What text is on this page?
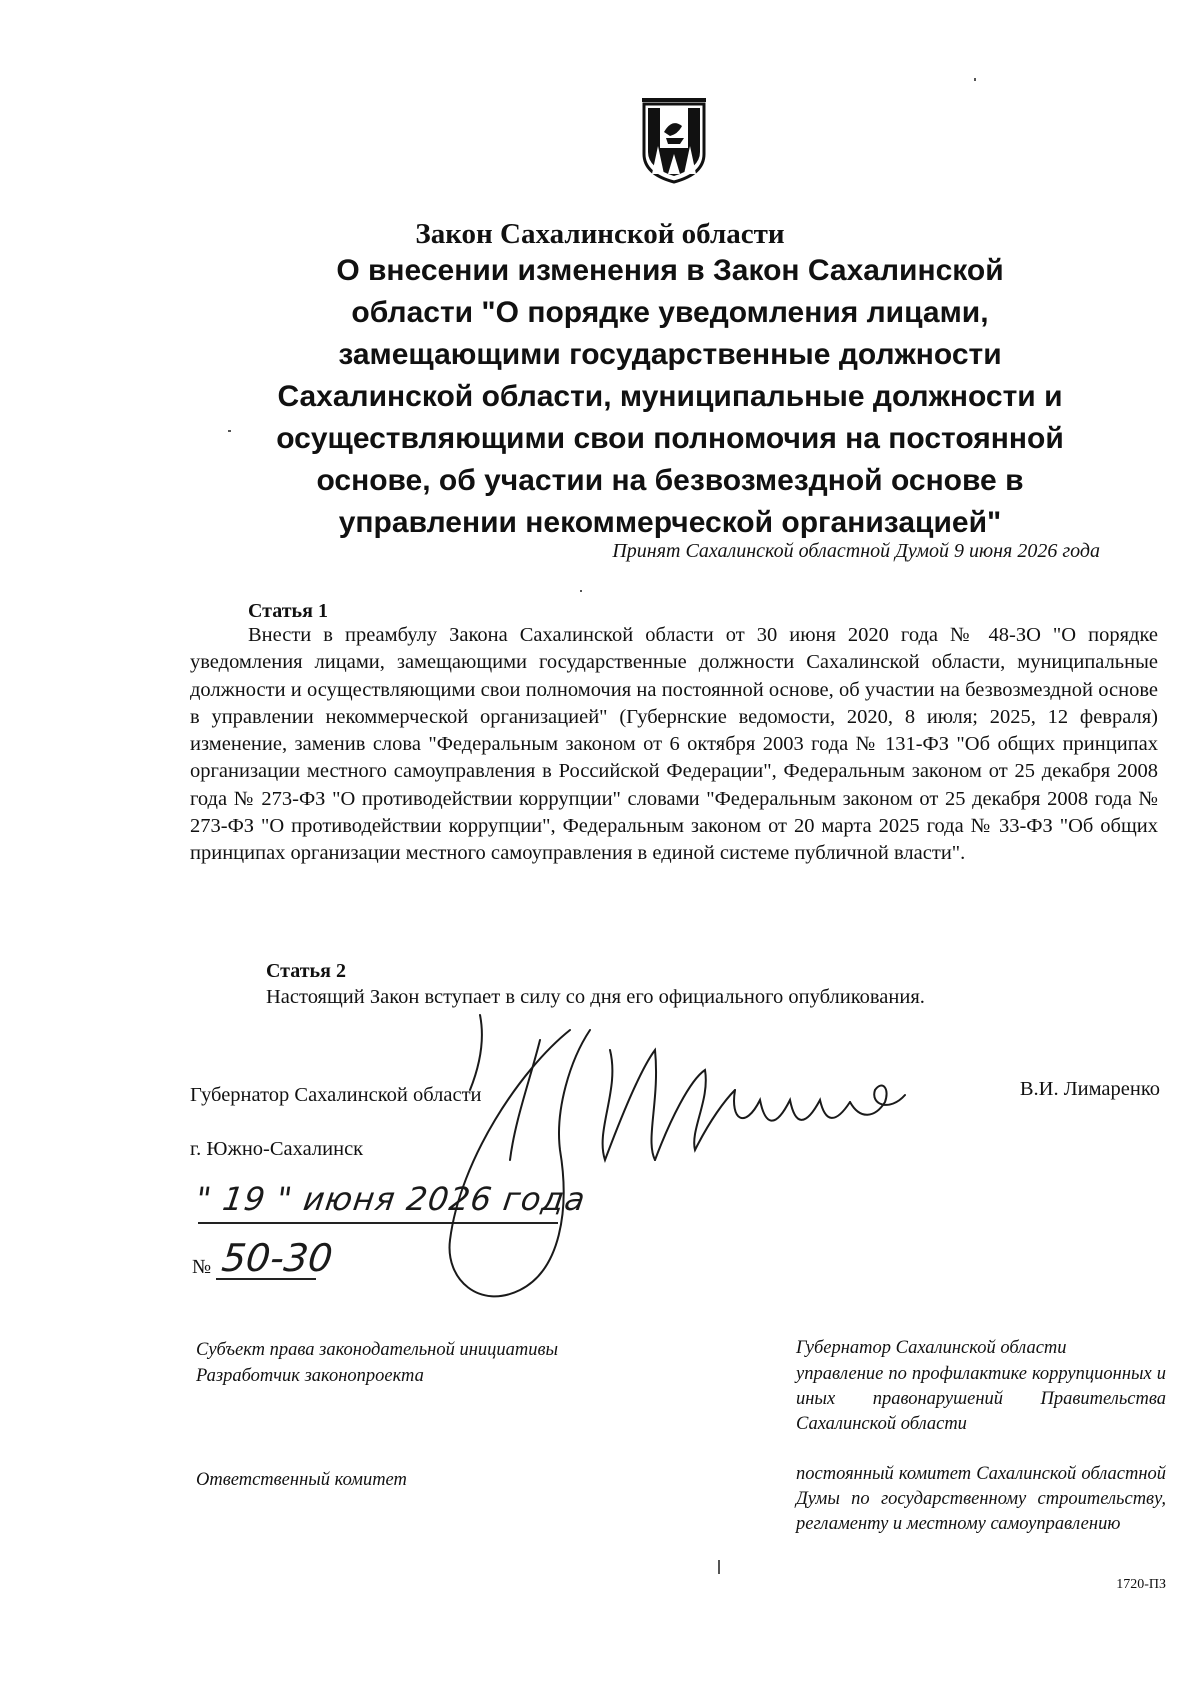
Закон Сахалинской области
О внесении изменения в Закон Сахалинской
области "О порядке уведомления лицами,
замещающими государственные должности
Сахалинской области, муниципальные должности и
осуществляющими свои полномочия на постоянной
основе, об участии на безвозмездной основе в
управлении некоммерческой организацией"
Принят Сахалинской областной Думой 9 июня 2026 года
Статья 1

Внести в преамбулу Закона Сахалинской области от 30 июня 2020 года № 48-ЗО "О порядке уведомления лицами, замещающими государственные должности Сахалинской области, муниципальные должности и осуществляющими свои полномочия на постоянной основе, об участии на безвозмездной основе в управлении некоммерческой организацией" (Губернские ведомости, 2020, 8 июля; 2025, 12 февраля) изменение, заменив слова "Федеральным законом от 6 октября 2003 года № 131-ФЗ "Об общих принципах организации местного самоуправления в Российской Федерации", Федеральным законом от 25 декабря 2008 года № 273-ФЗ "О противодействии коррупции" словами "Федеральным законом от 25 декабря 2008 года № 273-ФЗ "О противодействии коррупции", Федеральным законом от 20 марта 2025 года № 33-ФЗ "Об общих принципах организации местного самоуправления в единой системе публичной власти".

Статья 2
Настоящий Закон вступает в силу со дня его официального опубликования.
Губернатор Сахалинской области	В.И. Лимаренко
г. Южно-Сахалинск
" 19 " июня 2026 года
№ 50-30
Субъект права законодательной инициативы
Разработчик законопроекта
Ответственный комитет
Губернатор Сахалинской области
управление по профилактике коррупционных и иных правонарушений Правительства Сахалинской области
постоянный комитет Сахалинской областной Думы по государственному строительству, регламенту и местному самоуправлению
1720-ПЗ
